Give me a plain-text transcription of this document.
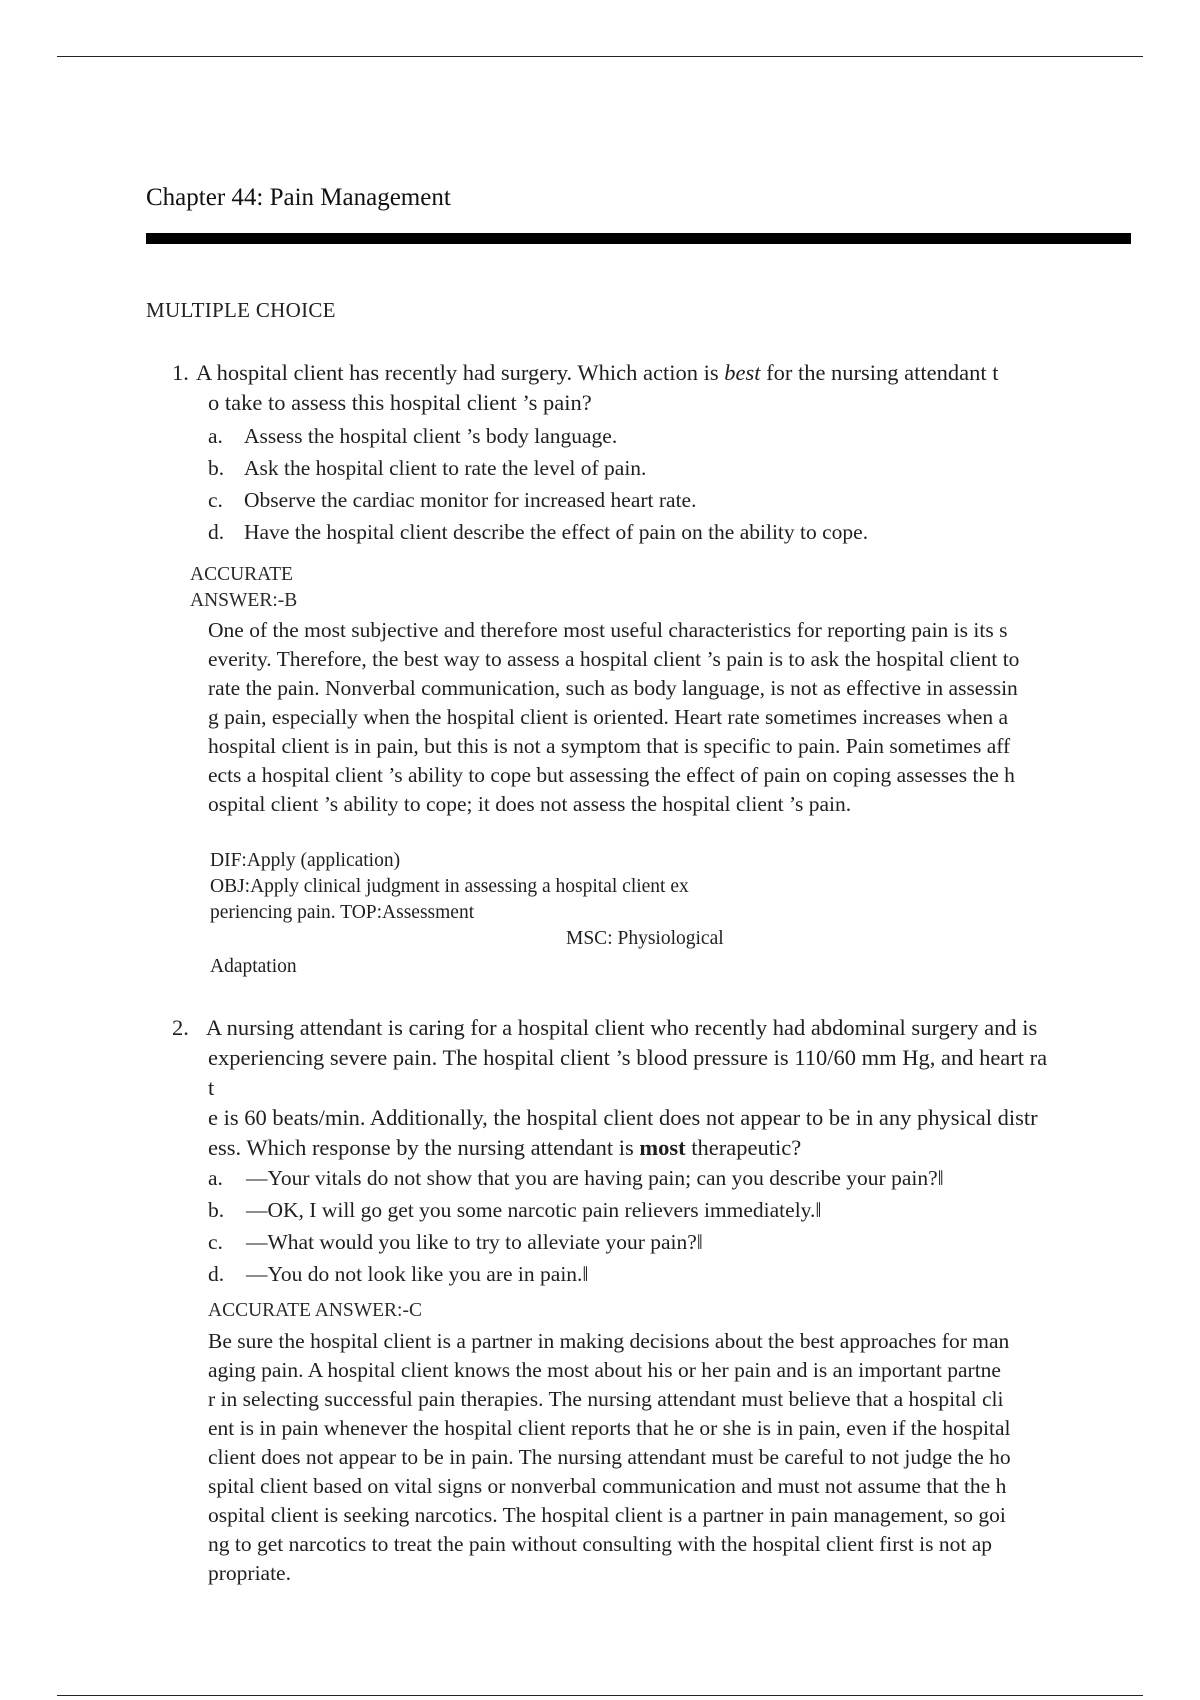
Chapter 44: Pain Management
MULTIPLE CHOICE
1. A hospital client has recently had surgery. Which action is best for the nursing attendant t
o take to assess this hospital client ’s pain?
a. Assess the hospital client ’s body language.
b. Ask the hospital client to rate the level of pain.
c. Observe the cardiac monitor for increased heart rate.
d. Have the hospital client describe the effect of pain on the ability to cope.
ACCURATE
ANSWER:-B
One of the most subjective and therefore most useful characteristics for reporting pain is its s
everity. Therefore, the best way to assess a hospital client ’s pain is to ask the hospital client to
rate the pain. Nonverbal communication, such as body language, is not as effective in assessin
g pain, especially when the hospital client is oriented. Heart rate sometimes increases when a
hospital client is in pain, but this is not a symptom that is specific to pain. Pain sometimes aff
ects a hospital client ’s ability to cope but assessing the effect of pain on coping assesses the h
ospital client ’s ability to cope; it does not assess the hospital client ’s pain.
DIF:Apply (application)
OBJ:Apply clinical judgment in assessing a hospital client ex
periencing pain. TOP:Assessment
MSC: Physiological
Adaptation
2. A nursing attendant is caring for a hospital client who recently had abdominal surgery and is
experiencing severe pain. The hospital client ’s blood pressure is 110/60 mm Hg, and heart ra
t
e is 60 beats/min. Additionally, the hospital client does not appear to be in any physical distr
ess. Which response by the nursing attendant is most therapeutic?
a. —Your vitals do not show that you are having pain; can you describe your pain?‖
b. —OK, I will go get you some narcotic pain relievers immediately.‖
c. —What would you like to try to alleviate your pain?‖
d. —You do not look like you are in pain.‖
ACCURATE ANSWER:-C
Be sure the hospital client is a partner in making decisions about the best approaches for man
aging pain. A hospital client knows the most about his or her pain and is an important partne
r in selecting successful pain therapies. The nursing attendant must believe that a hospital cli
ent is in pain whenever the hospital client reports that he or she is in pain, even if the hospital
client does not appear to be in pain. The nursing attendant must be careful to not judge the ho
spital client based on vital signs or nonverbal communication and must not assume that the h
ospital client is seeking narcotics. The hospital client is a partner in pain management, so goi
ng to get narcotics to treat the pain without consulting with the hospital client first is not ap
propriate.
